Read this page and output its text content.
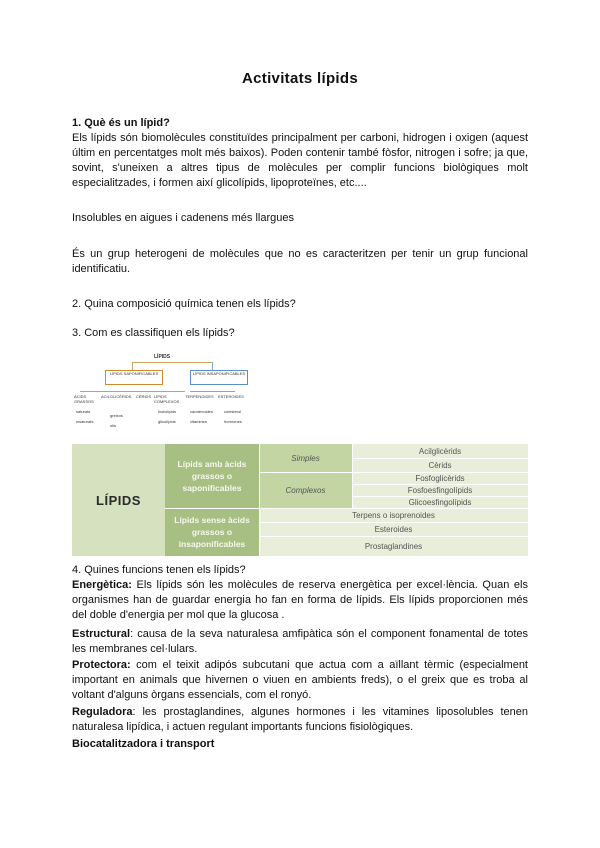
Activitats lípids
1. Què és un lípid?
Els lípids són biomolècules constituïdes principalment per carboni, hidrogen i oxigen (aquest últim en percentatges molt més baixos). Poden contenir també fòsfor, nitrogen i sofre; ja que, sovint, s'uneixen a altres tipus de molècules per complir funcions biològiques molt especialitzades, i formen així glicolípids, lipoproteïnes, etc....
Insolubles en aigues i cadenens més llargues
És un grup heterogeni de molècules que no es caracteritzen per tenir un grup funcional identificatiu.
2. Quina composició química tenen els lípids?
3. Com es classifiquen els lípids?
LÍPIDS
LÍPIDS SAPONIFICABLES	LÍPIDS INSAPONIFICABLES
ÀCIDS GRASSOS
ACILGLICÈRIDS CÈRIDS LÍPIDS COMPLEXOS
TERPENOIDES ESTEROIDES
saturats
insaturats
greixos
olis
fosfolípids
glicolípids
carotenoides
vitamines
colesterol
hormones
LÍPIDS
Lípids amb àcids grassos o saponificables
Lípids sense àcids grassos o insaponificables
Simples
Complexos
Acilglicèrids
Cèrids
Fosfoglicèrids
Fosfoesfingolípids
Glicoesfingolípids
Terpens o isoprenoides
Esteroides
Prostaglandines
4. Quines funcions tenen els lípids?
Energètica: Els lípids són les molècules de reserva energètica per excel·lència. Quan els organismes han de guardar energia ho fan en forma de lípids. Els lípids proporcionen més del doble d'energia per mol que la glucosa .
Estructural: causa de la seva naturalesa amfipàtica són el component fonamental de totes les membranes cel·lulars.
Protectora: com el teixit adipós subcutani que actua com a aïllant tèrmic (especialment important en animals que hivernen o viuen en ambients freds), o el greix que es troba al voltant d'alguns òrgans essencials, com el ronyó.
Reguladora: les prostaglandines, algunes hormones i les vitamines liposolubles tenen naturalesa lipídica, i actuen regulant importants funcions fisiològiques.
Biocatalitzadora i transport
